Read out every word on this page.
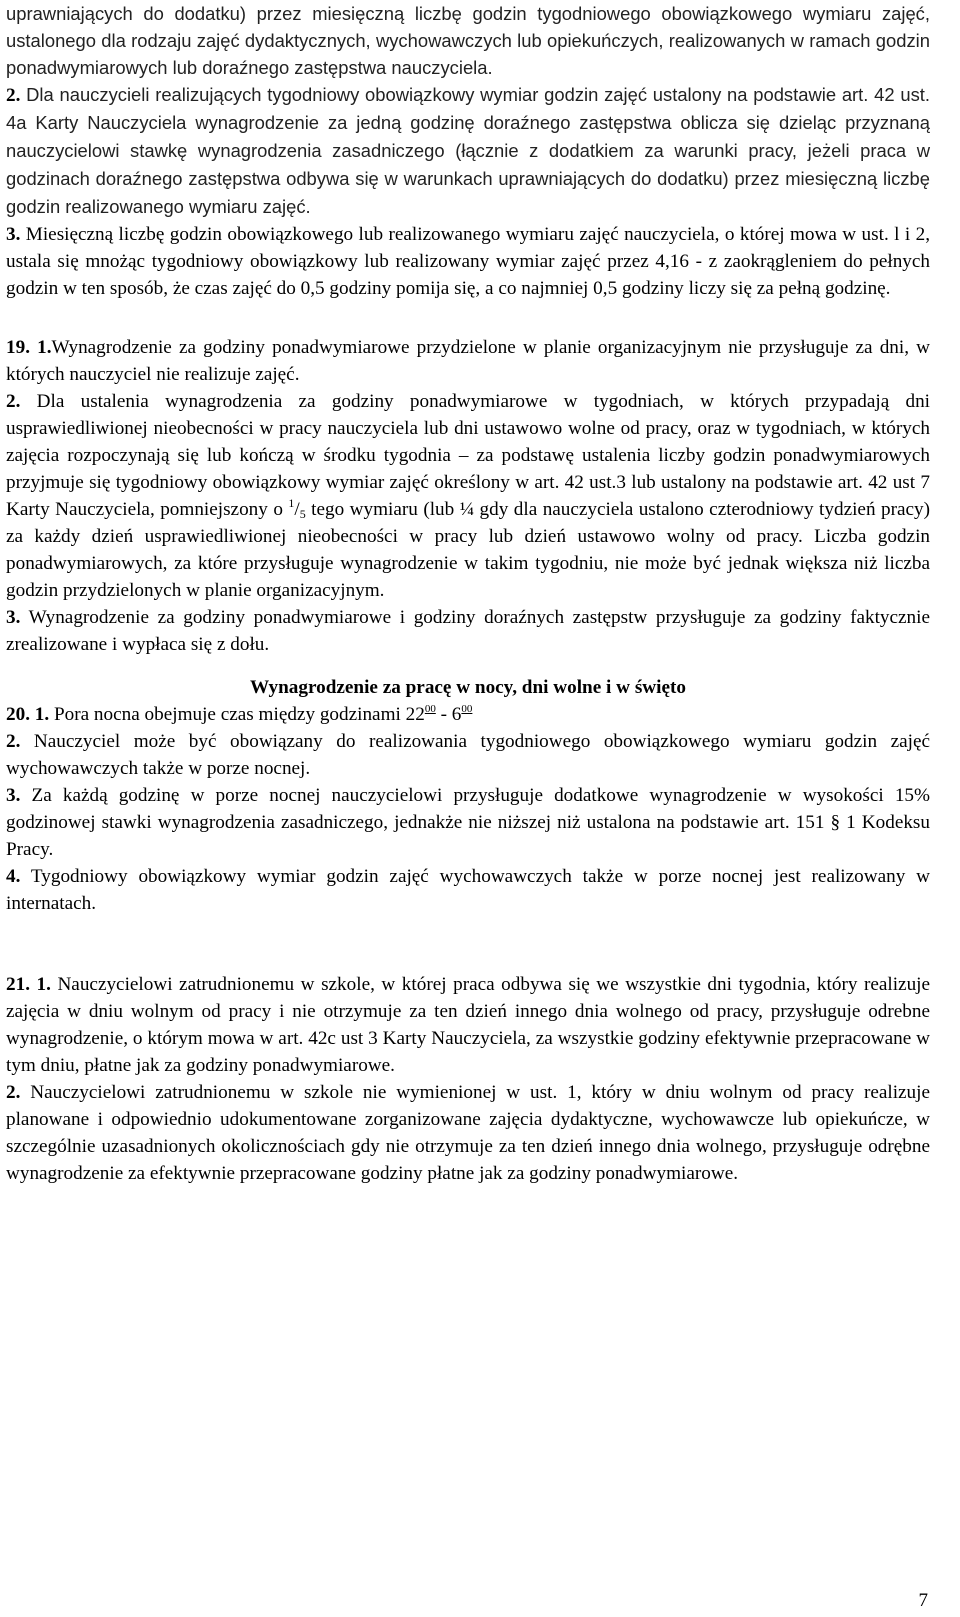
uprawniających do dodatku) przez miesięczną liczbę godzin tygodniowego obowiązkowego wymiaru zajęć, ustalonego dla rodzaju zajęć dydaktycznych, wychowawczych lub opiekuńczych, realizowanych w ramach godzin ponadwymiarowych lub doraźnego zastępstwa nauczyciela.

2. Dla nauczycieli realizujących tygodniowy obowiązkowy wymiar godzin zajęć ustalony na podstawie art. 42 ust. 4a Karty Nauczyciela wynagrodzenie za jedną godzinę doraźnego zastępstwa oblicza się dzieląc przyznaną nauczycielowi stawkę wynagrodzenia zasadniczego (łącznie z dodatkiem za warunki pracy, jeżeli praca w godzinach doraźnego zastępstwa odbywa się w warunkach uprawniających do dodatku) przez miesięczną liczbę godzin realizowanego wymiaru zajęć.

3. Miesięczną liczbę godzin obowiązkowego lub realizowanego wymiaru zajęć nauczyciela, o której mowa w ust. l i 2, ustala się mnożąc tygodniowy obowiązkowy lub realizowany wymiar zajęć przez 4,16 - z zaokrągleniem do pełnych godzin w ten sposób, że czas zajęć do 0,5 godziny pomija się, a co najmniej 0,5 godziny liczy się za pełną godzinę.

19. 1.Wynagrodzenie za godziny ponadwymiarowe przydzielone w planie organizacyjnym nie przysługuje za dni, w których nauczyciel nie realizuje zajęć.

2. Dla ustalenia wynagrodzenia za godziny ponadwymiarowe w tygodniach, w których przypadają dni usprawiedliwionej nieobecności w pracy nauczyciela lub dni ustawowo wolne od pracy, oraz w tygodniach, w których zajęcia rozpoczynają się lub kończą w środku tygodnia – za podstawę ustalenia liczby godzin ponadwymiarowych przyjmuje się tygodniowy obowiązkowy wymiar zajęć określony w art. 42 ust.3 lub ustalony na podstawie art. 42 ust 7 Karty Nauczyciela, pomniejszony o $^1$/5 tego wymiaru (lub ¼ gdy dla nauczyciela ustalono czterodniowy tydzień pracy) za każdy dzień usprawiedliwionej nieobecności w pracy lub dzień ustawowo wolny od pracy. Liczba godzin ponadwymiarowych, za które przysługuje wynagrodzenie w takim tygodniu, nie może być jednak większa niż liczba godzin przydzielonych w planie organizacyjnym.

3. Wynagrodzenie za godziny ponadwymiarowe i godziny doraźnych zastępstw przysługuje za godziny faktycznie zrealizowane i wypłaca się z dołu.

Wynagrodzenie za pracę w nocy, dni wolne i w święto

20. 1. Pora nocna obejmuje czas między godzinami $22^{00} - 6^{00}$

2. Nauczyciel może być obowiązany do realizowania tygodniowego obowiązkowego wymiaru godzin zajęć wychowawczych także w porze nocnej.

3. Za każdą godzinę w porze nocnej nauczycielowi przysługuje dodatkowe wynagrodzenie w wysokości 15% godzinowej stawki wynagrodzenia zasadniczego, jednakże nie niższej niż ustalona na podstawie art. 151 § 1 Kodeksu Pracy.

4. Tygodniowy obowiązkowy wymiar godzin zajęć wychowawczych także w porze nocnej jest realizowany w internatach.

21. 1. Nauczycielowi zatrudnionemu w szkole, w której praca odbywa się we wszystkie dni tygodnia, który realizuje zajęcia w dniu wolnym od pracy i nie otrzymuje za ten dzień innego dnia wolnego od pracy, przysługuje odrebne wynagrodzenie, o którym mowa w art. 42c ust 3 Karty Nauczyciela, za wszystkie godziny efektywnie przepracowane w tym dniu, płatne jak za godziny ponadwymiarowe.

2. Nauczycielowi zatrudnionemu w szkole nie wymienionej w ust. 1, który w dniu wolnym od pracy realizuje planowane i odpowiednio udokumentowane zorganizowane zajęcia dydaktyczne, wychowawcze lub opiekuńcze, w szczególnie uzasadnionych okolicznościach gdy nie otrzymuje za ten dzień innego dnia wolnego, przysługuje odrębne wynagrodzenie za efektywnie przepracowane godziny płatne jak za godziny ponadwymiarowe.

7
